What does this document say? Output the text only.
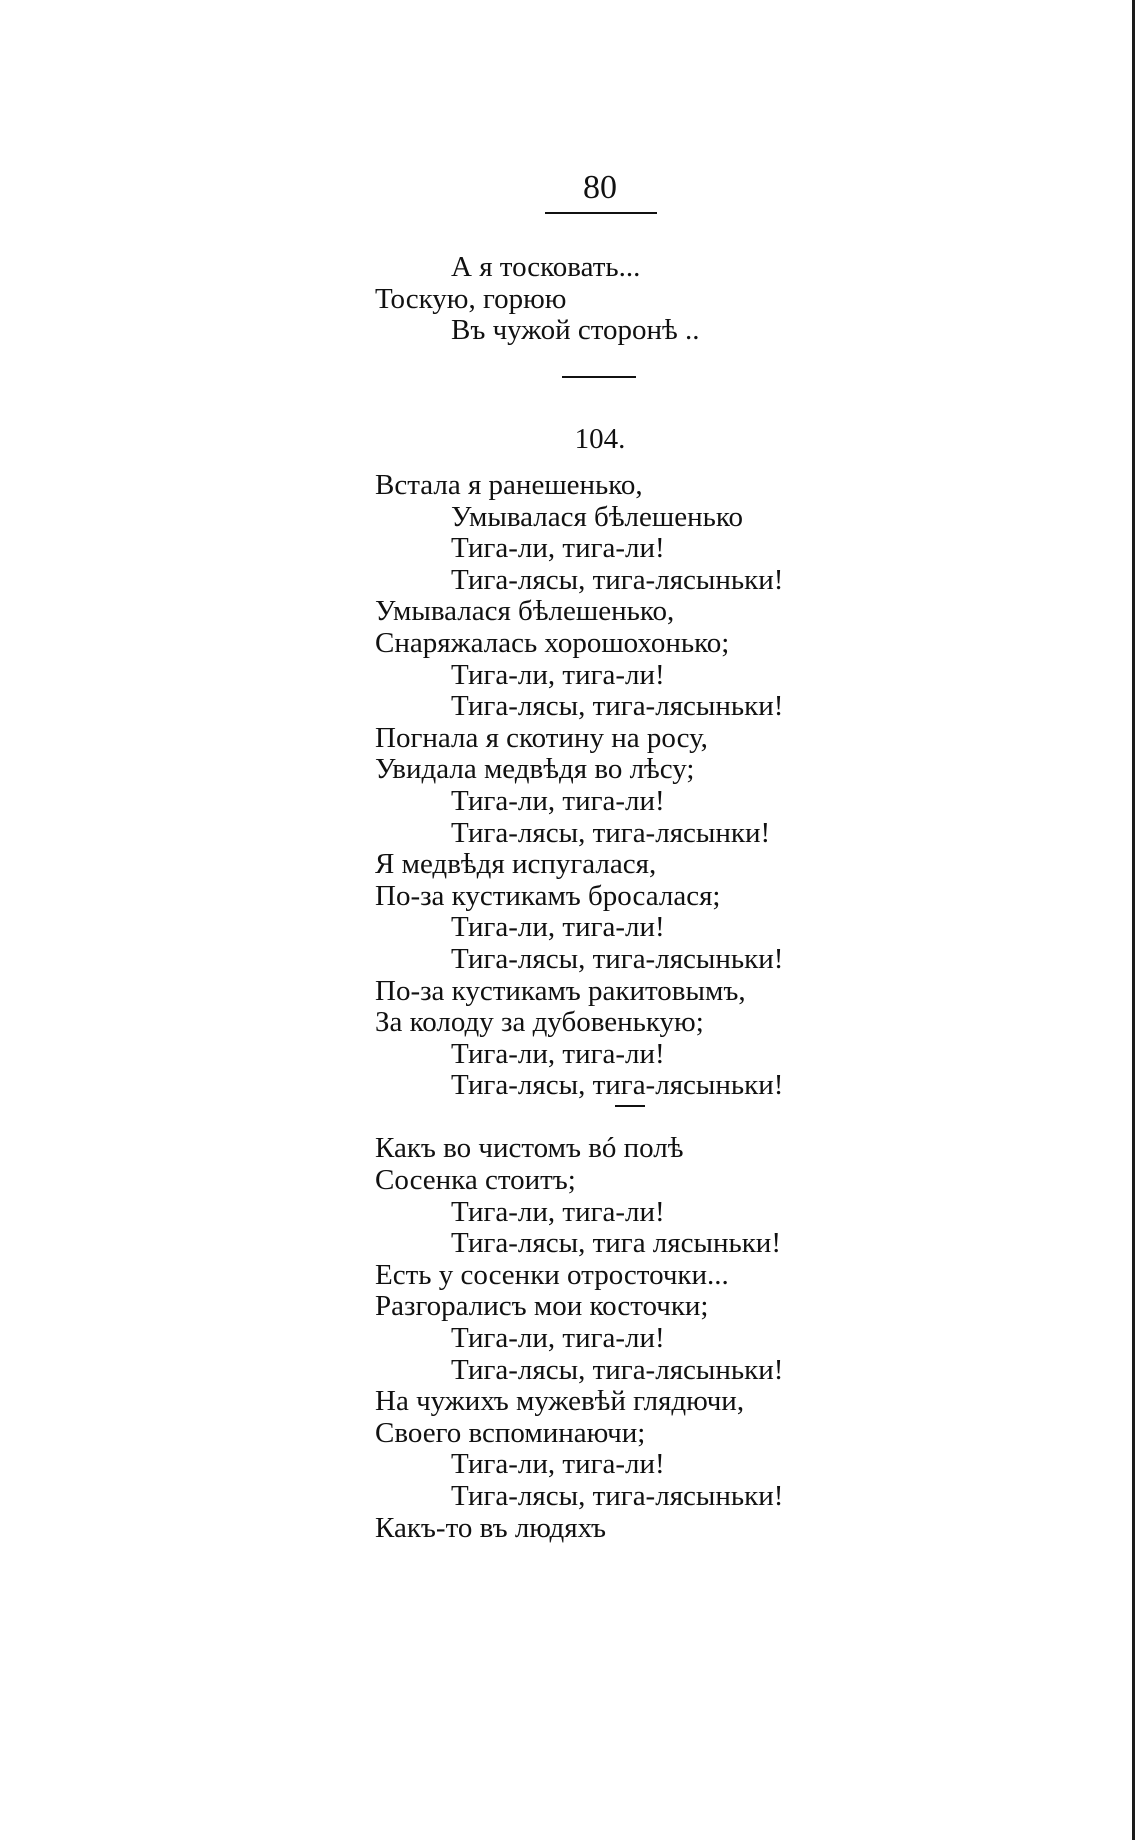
80
А я тосковать...
Тоскую, горюю
Въ чужой сторонѣ ..
104.
Встала я ранешенько,
Умывалася бѣлешенько
Тига-ли, тига-ли!
Тига-лясы, тига-лясыньки!
Умывалася бѣлешенько,
Снаряжалась хорошохонько;
Тига-ли, тига-ли!
Тига-лясы, тига-лясыньки!
Погнала я скотину на росу,
Увидала медвѣдя во лѣсу;
Тига-ли, тига-ли!
Тига-лясы, тига-лясынки!
Я медвѣдя испугалася,
По-за кустикамъ бросалася;
Тига-ли, тига-ли!
Тига-лясы, тига-лясыньки!
По-за кустикамъ ракитовымъ,
За колоду за дубовенькую;
Тига-ли, тига-ли!
Тига-лясы, тига-лясыньки!
Какъ во чистомъ вó полѣ
Сосенка стоитъ;
Тига-ли, тига-ли!
Тига-лясы, тига лясыньки!
Есть у сосенки отросточки...
Разгоралисъ мои косточки;
Тига-ли, тига-ли!
Тига-лясы, тига-лясыньки!
На чужихъ мужевѣй глядючи,
Своего вспоминаючи;
Тига-ли, тига-ли!
Тига-лясы, тига-лясыньки!
Какъ-то въ людяхъ
